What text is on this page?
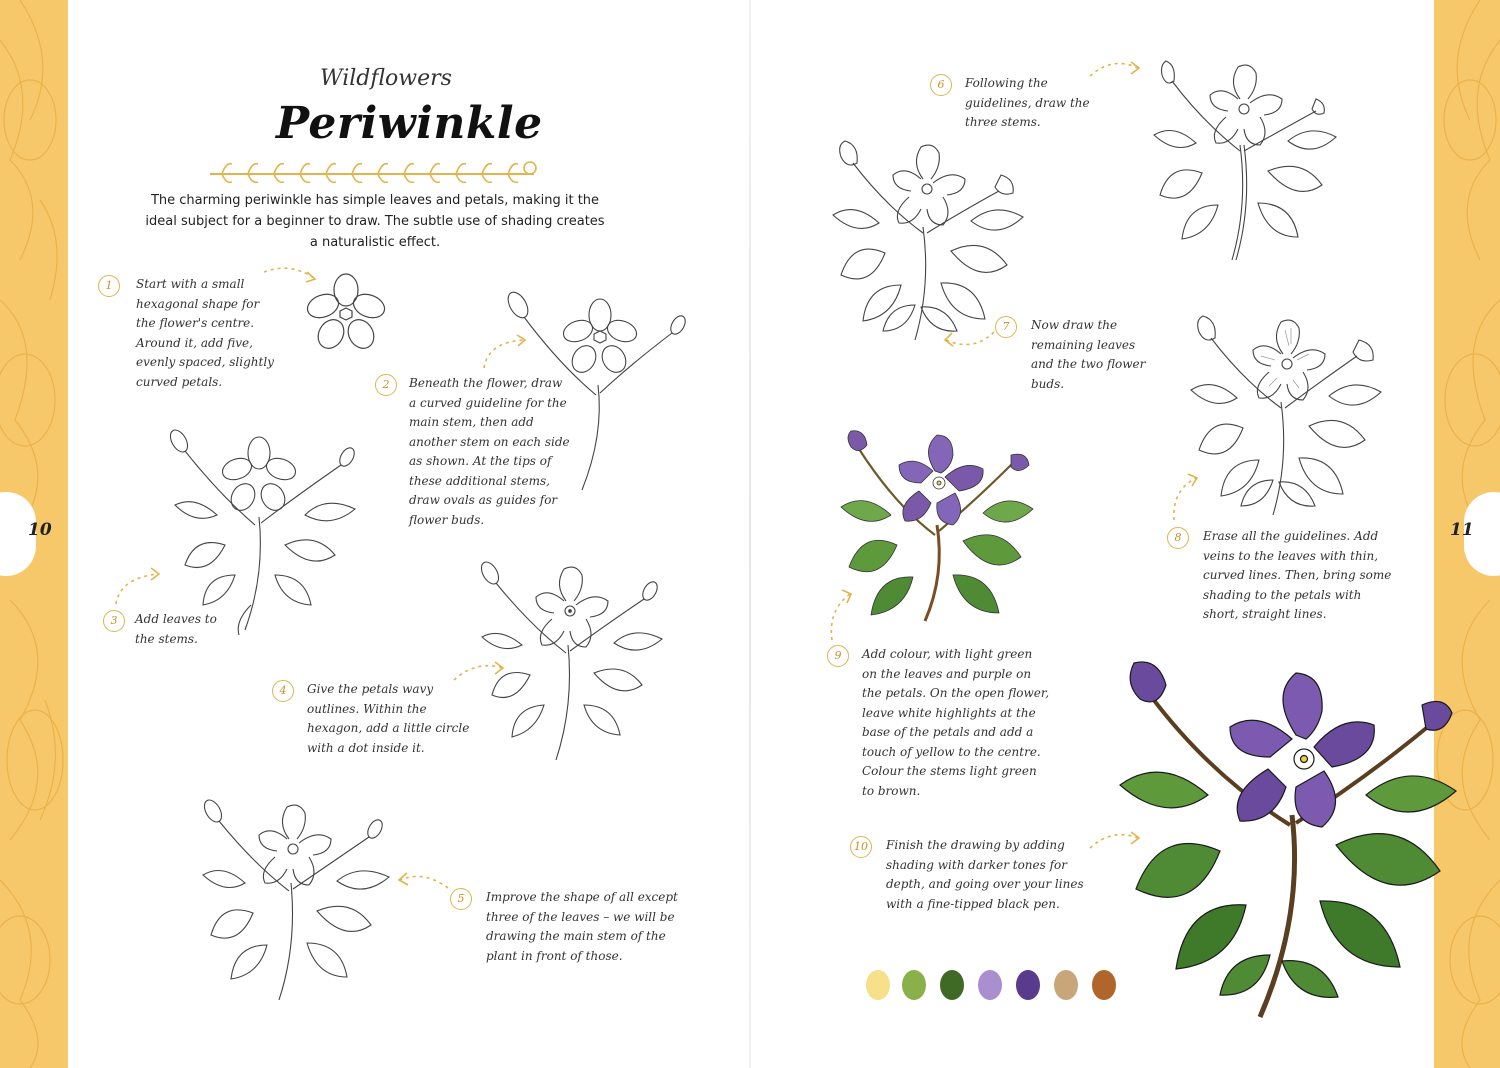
10	11
Wildflowers
Periwinkle
The charming periwinkle has simple leaves and petals, making it the ideal subject for a beginner to draw. The subtle use of shading creates a naturalistic effect.
1	Start with a small hexagonal shape for the flower's centre. Around it, add five, evenly spaced, slightly curved petals.	2	Beneath the flower, draw a curved guideline for the main stem, then add another stem on each side as shown. At the tips of these additional stems, draw ovals as guides for flower buds.
3	Add leaves to the stems.
4	Give the petals wavy outlines. Within the hexagon, add a little circle with a dot inside it.
5	Improve the shape of all except three of the leaves – we will be drawing the main stem of the plant in front of those.
6	Following the guidelines, draw the three stems.
7	Now draw the remaining leaves and the two flower buds.
8	Erase all the guidelines. Add veins to the leaves with thin, curved lines. Then, bring some shading to the petals with short, straight lines.
9	Add colour, with light green on the leaves and purple on the petals. On the open flower, leave white highlights at the base of the petals and add a touch of yellow to the centre. Colour the stems light green to brown.
10	Finish the drawing by adding shading with darker tones for depth, and going over your lines with a fine-tipped black pen.
